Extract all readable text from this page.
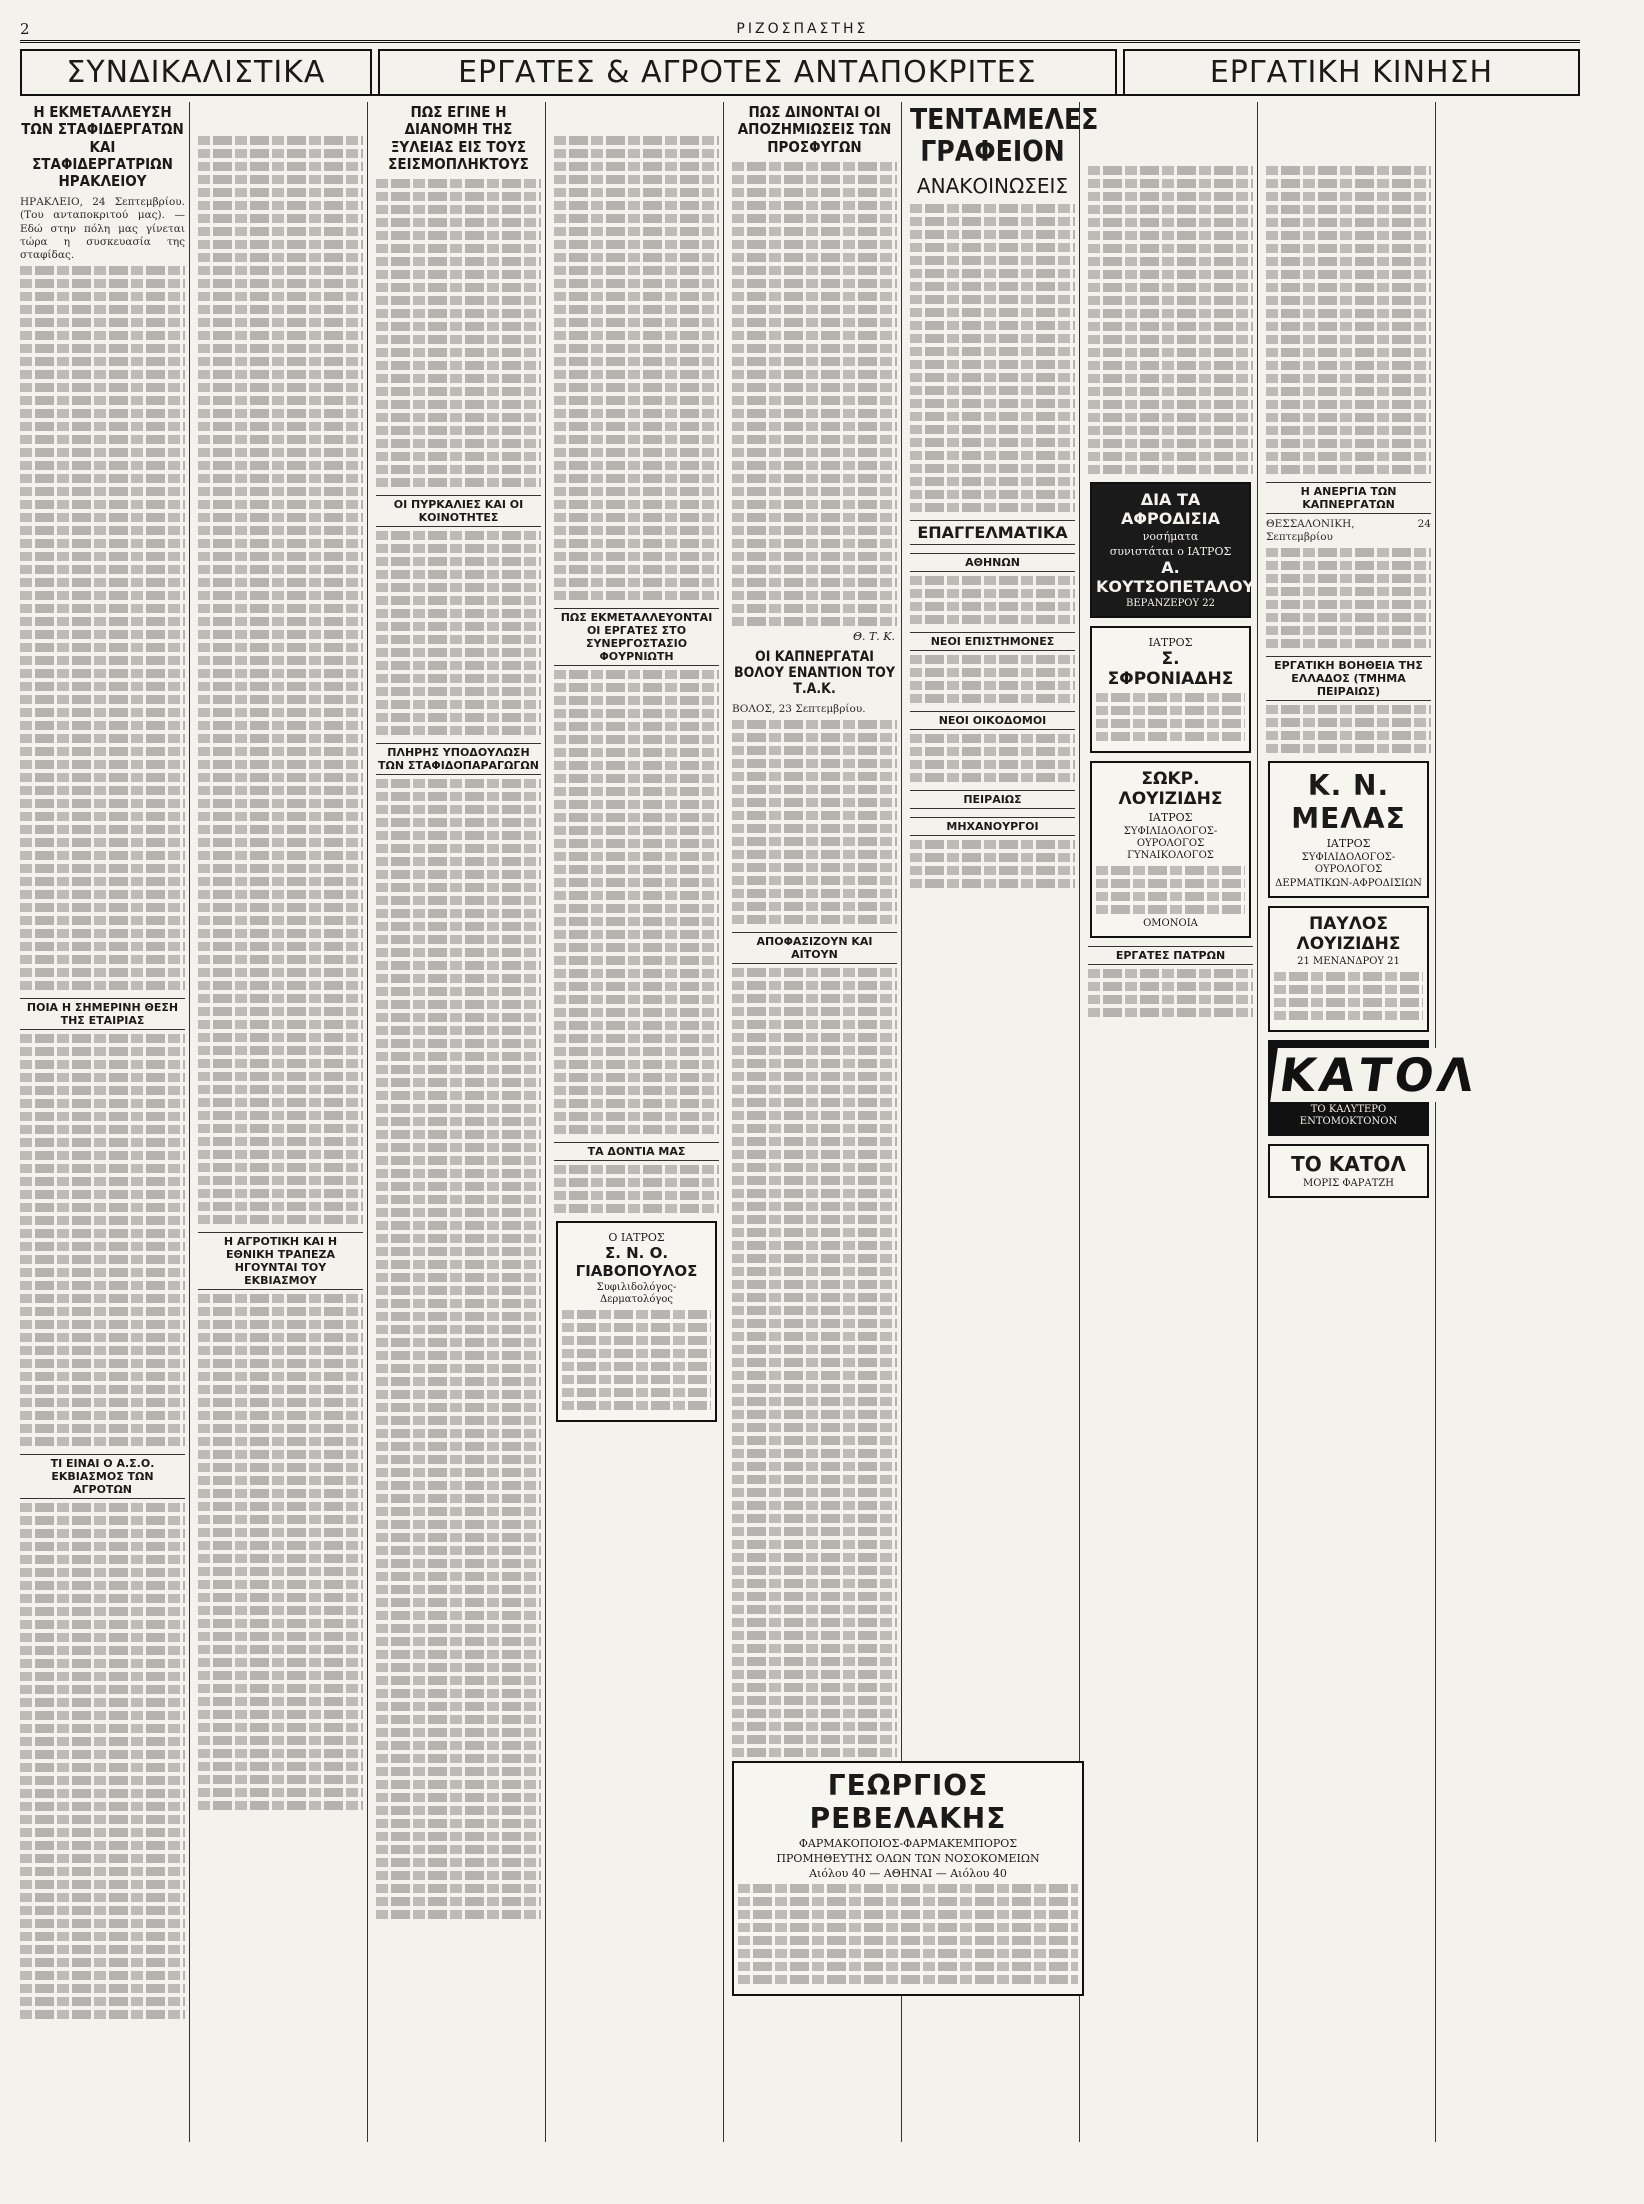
2	ΡΙΖΟΣΠΑΣΤΗΣ

ΣΥΝΔΙΚΑΛΙΣΤΙΚΑ	ΕΡΓΑΤΕΣ & ΑΓΡΟΤΕΣ ΑΝΤΑΠΟΚΡΙΤΕΣ	ΕΡΓΑΤΙΚΗ ΚΙΝΗΣΗ
Η ΕΚΜΕΤΑΛΛΕΥΣΗ ΤΩΝ ΣΤΑΦΙΔΕΡΓΑΤΩΝ ΚΑΙ ΣΤΑΦΙΔΕΡΓΑΤΡΙΩΝ ΗΡΑΚΛΕΙΟΥ
ΗΡΑΚΛΕΙΟ, 24 Σεπτεμβρίου. (Του ανταποκριτού μας). — Εδώ στην πόλη μας γίνεται τώρα η συσκευασία της σταφίδας.
ΠΟΙΑ Η ΣΗΜΕΡΙΝΗ ΘΕΣΗ ΤΗΣ ΕΤΑΙΡΙΑΣ
ΤΙ ΕΙΝΑΙ Ο Α.Σ.Ο. ΕΚΒΙΑΣΜΟΣ ΤΩΝ ΑΓΡΟΤΩΝ
Η ΑΓΡΟΤΙΚΗ ΚΑΙ Η ΕΘΝΙΚΗ ΤΡΑΠΕΖΑ ΗΓΟΥΝΤΑΙ ΤΟΥ ΕΚΒΙΑΣΜΟΥ
ΠΩΣ ΕΓΙΝΕ Η ΔΙΑΝΟΜΗ ΤΗΣ ΞΥΛΕΙΑΣ ΕΙΣ ΤΟΥΣ ΣΕΙΣΜΟΠΛΗΚΤΟΥΣ
ΟΙ ΠΥΡΚΑΛΙΕΣ ΚΑΙ ΟΙ ΚΟΙΝΟΤΗΤΕΣ
ΠΛΗΡΗΣ ΥΠΟΔΟΥΛΩΣΗ ΤΩΝ ΣΤΑΦΙΔΟΠΑΡΑΓΩΓΩΝ
ΠΩΣ ΕΚΜΕΤΑΛΛΕΥΟΝΤΑΙ ΟΙ ΕΡΓΑΤΕΣ ΣΤΟ ΣΥΝΕΡΓΟΣΤΑΣΙΟ ΦΟΥΡΝΙΩΤΗ
ΤΑ ΔΟΝΤΙΑ ΜΑΣ
Ο ΙΑΤΡΟΣ
Σ. Ν. Ο. ΓΙΑΒΟΠΟΥΛΟΣ
Συφιλιδολόγος-Δερματολόγος
ΠΩΣ ΔΙΝΟΝΤΑΙ ΟΙ ΑΠΟΖΗΜΙΩΣΕΙΣ ΤΩΝ ΠΡΟΣΦΥΓΩΝ
Θ. Τ. Κ.
ΟΙ ΚΑΠΝΕΡΓΑΤΑΙ ΒΟΛΟΥ ΕΝΑΝΤΙΟΝ ΤΟΥ Τ.Α.Κ.
ΒΟΛΟΣ, 23 Σεπτεμβρίου.
ΑΠΟΦΑΣΙΖΟΥΝ ΚΑΙ ΑΙΤΟΥΝ
ΤΕΝΤΑΜΕΛΕΣ ΓΡΑΦΕΙΟΝ
ΑΝΑΚΟΙΝΩΣΕΙΣ
ΕΠΑΓΓΕΛΜΑΤΙΚΑ
ΑΘΗΝΩΝ
ΝΕΟΙ ΕΠΙΣΤΗΜΟΝΕΣ
ΝΕΟΙ ΟΙΚΟΔΟΜΟΙ
ΠΕΙΡΑΙΩΣ
ΜΗΧΑΝΟΥΡΓΟΙ
ΔΙΑ ΤΑ ΑΦΡΟΔΙΣΙΑ
νοσήματα
συνιστάται ο ΙΑΤΡΟΣ
Α. ΚΟΥΤΣΟΠΕΤΑΛΟΥ
ΒΕΡΑΝΖΕΡΟΥ 22
ΙΑΤΡΟΣ
Σ. ΣΦΡΟΝΙΑΔΗΣ
ΣΩΚΡ. ΛΟΥΙΖΙΔΗΣ
ΙΑΤΡΟΣ
ΣΥΦΙΛΙΔΟΛΟΓΟΣ-ΟΥΡΟΛΟΓΟΣ ΓΥΝΑΙΚΟΛΟΓΟΣ
ΟΜΟΝΟΙΑ
ΕΡΓΑΤΕΣ ΠΑΤΡΩΝ
Η ΑΝΕΡΓΙΑ ΤΩΝ ΚΑΠΝΕΡΓΑΤΩΝ
ΘΕΣΣΑΛΟΝΙΚΗ, 24 Σεπτεμβρίου
ΕΡΓΑΤΙΚΗ ΒΟΗΘΕΙΑ ΤΗΣ ΕΛΛΑΔΟΣ (ΤΜΗΜΑ ΠΕΙΡΑΙΩΣ)
Κ. Ν. ΜΕΛΑΣ
ΙΑΤΡΟΣ
ΣΥΦΙΛΙΔΟΛΟΓΟΣ-ΟΥΡΟΛΟΓΟΣ
ΔΕΡΜΑΤΙΚΩΝ-ΑΦΡΟΔΙΣΙΩΝ
ΠΑΥΛΟΣ ΛΟΥΙΖΙΔΗΣ
21 ΜΕΝΑΝΔΡΟΥ 21
ΚΑΤΟΛ
ΤΟ ΚΑΛΥΤΕΡΟ ΕΝΤΟΜΟΚΤΟΝΟΝ
ΤΟ ΚΑΤΟΛ
ΜΟΡΙΣ ΦΑΡΑΤΖΗ
ΓΕΩΡΓΙΟΣ ΡΕΒΕΛΑΚΗΣ
ΦΑΡΜΑΚΟΠΟΙΟΣ-ΦΑΡΜΑΚΕΜΠΟΡΟΣ
ΠΡΟΜΗΘΕΥΤΗΣ ΟΛΩΝ ΤΩΝ ΝΟΣΟΚΟΜΕΙΩΝ
Αιόλου 40 — ΑΘΗΝΑΙ — Αιόλου 40
